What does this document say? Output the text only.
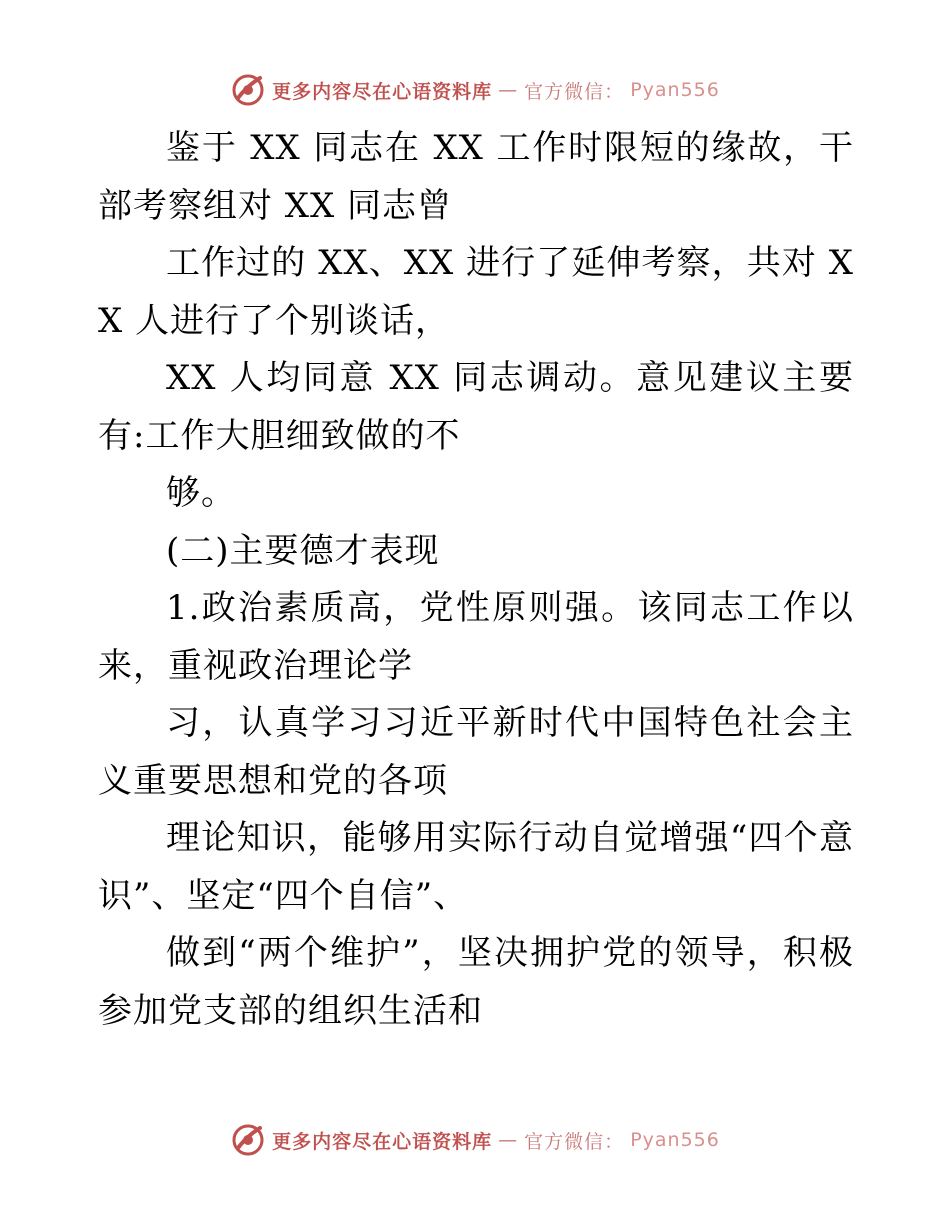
更多内容尽在心语资料库 — 官方微信： Pyan556

鉴于 XX 同志在 XX 工作时限短的缘故，干部考察组对 XX 同志曾

工作过的 XX、XX 进行了延伸考察，共对 XX 人进行了个别谈话，

XX 人均同意 XX 同志调动。意见建议主要有:工作大胆细致做的不

够。

(二)主要德才表现

1.政治素质高，党性原则强。该同志工作以来，重视政治理论学

习，认真学习习近平新时代中国特色社会主义重要思想和党的各项

理论知识，能够用实际行动自觉增强“四个意识”、坚定“四个自信”、

做到“两个维护”，坚决拥护党的领导，积极参加党支部的组织生活和

更多内容尽在心语资料库 — 官方微信： Pyan556
